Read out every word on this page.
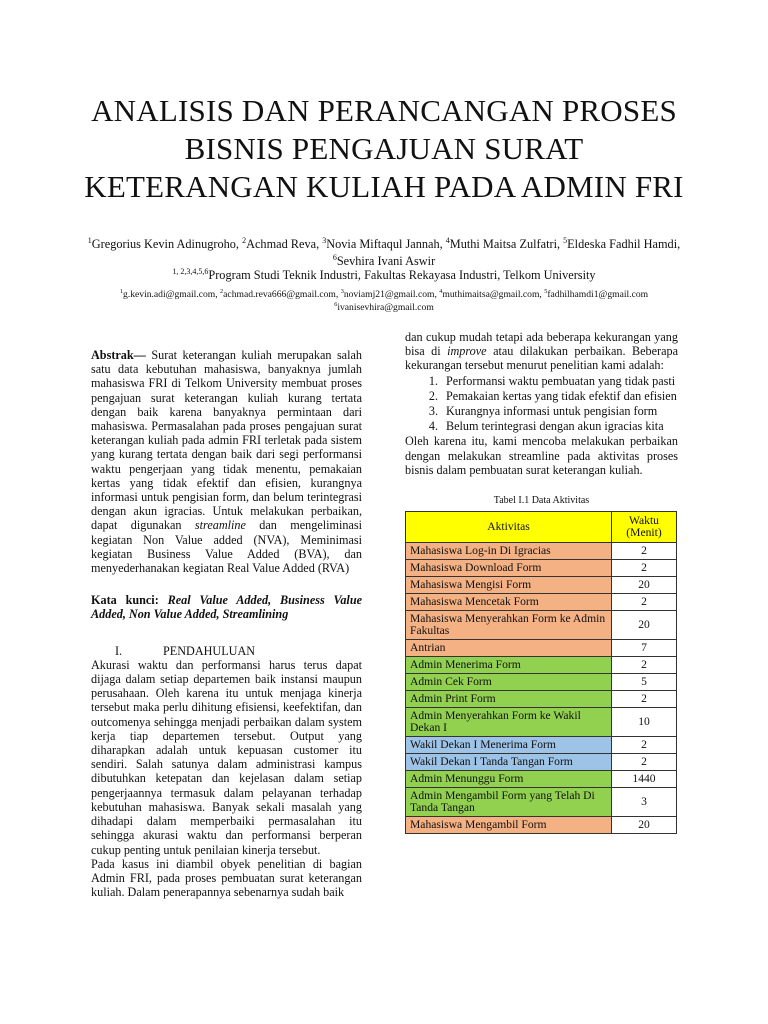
ANALISIS DAN PERANCANGAN PROSES
BISNIS PENGAJUAN SURAT
KETERANGAN KULIAH PADA ADMIN FRI
$^1$Gregorius Kevin Adinugroho, $^2$Achmad Reva, $^3$Novia Miftaqul Jannah, $^4$Muthi Maitsa Zulfatri, $^5$Eldeska Fadhil Hamdi, $^6$Sevhira Ivani Aswir
$^{1, 2,3,4,5,6}$Program Studi Teknik Industri, Fakultas Rekayasa Industri, Telkom University
$^1$g.kevin.adi@gmail.com, $^2$achmad.reva666@gmail.com, $^3$noviamj21@gmail.com, $^4$muthimaitsa@gmail.com, $^5$fadhilhamdi1@gmail.com
$^6$ivanisevhira@gmail.com

Abstrak— Surat keterangan kuliah merupakan salah satu data kebutuhan mahasiswa, banyaknya jumlah mahasiswa FRI di Telkom University membuat proses pengajuan surat keterangan kuliah kurang tertata dengan baik karena banyaknya permintaan dari mahasiswa. Permasalahan pada proses pengajuan surat keterangan kuliah pada admin FRI terletak pada sistem yang kurang tertata dengan baik dari segi performansi waktu pengerjaan yang tidak menentu, pemakaian kertas yang tidak efektif dan efisien, kurangnya informasi untuk pengisian form, dan belum terintegrasi dengan akun igracias. Untuk melakukan perbaikan, dapat digunakan streamline dan mengeliminasi kegiatan Non Value added (NVA), Meminimasi kegiatan Business Value Added (BVA), dan menyederhanakan kegiatan Real Value Added (RVA)

Kata kunci: Real Value Added, Business Value Added, Non Value Added, Streamlining

I.	PENDAHULUAN

Akurasi waktu dan performansi harus terus dapat dijaga dalam setiap departemen baik instansi maupun perusahaan. Oleh karena itu untuk menjaga kinerja tersebut maka perlu dihitung efisiensi, keefektifan, dan outcomenya sehingga menjadi perbaikan dalam system kerja tiap departemen tersebut. Output yang diharapkan adalah untuk kepuasan customer itu sendiri. Salah satunya dalam administrasi kampus dibutuhkan ketepatan dan kejelasan dalam setiap pengerjaannya termasuk dalam pelayanan terhadap kebutuhan mahasiswa. Banyak sekali masalah yang dihadapi dalam memperbaiki permasalahan itu sehingga akurasi waktu dan performansi berperan cukup penting untuk penilaian kinerja tersebut.

Pada kasus ini diambil obyek penelitian di bagian Admin FRI, pada proses pembuatan surat keterangan kuliah. Dalam penerapannya sebenarnya sudah baik

dan cukup mudah tetapi ada beberapa kekurangan yang bisa di improve atau dilakukan perbaikan. Beberapa kekurangan tersebut menurut penelitian kami adalah:

1. Performansi waktu pembuatan yang tidak pasti
2. Pemakaian kertas yang tidak efektif dan efisien
3. Kurangnya informasi untuk pengisian form
4. Belum terintegrasi dengan akun igracias kita

Oleh karena itu, kami mencoba melakukan perbaikan dengan melakukan streamline pada aktivitas proses bisnis dalam pembuatan surat keterangan kuliah.

Tabel I.1 Data Aktivitas
Aktivitas	Waktu (Menit)
Mahasiswa Log-in Di Igracias	2
Mahasiswa Download Form	2
Mahasiswa Mengisi Form	20
Mahasiswa Mencetak Form	2
Mahasiswa Menyerahkan Form ke Admin Fakultas	20
Antrian	7
Admin Menerima Form	2
Admin Cek Form	5
Admin Print Form	2
Admin Menyerahkan Form ke Wakil Dekan I	10
Wakil Dekan I Menerima Form	2
Wakil Dekan I Tanda Tangan Form	2
Admin Menunggu Form	1440
Admin Mengambil Form yang Telah Di Tanda Tangan	3
Mahasiswa Mengambil Form	20
